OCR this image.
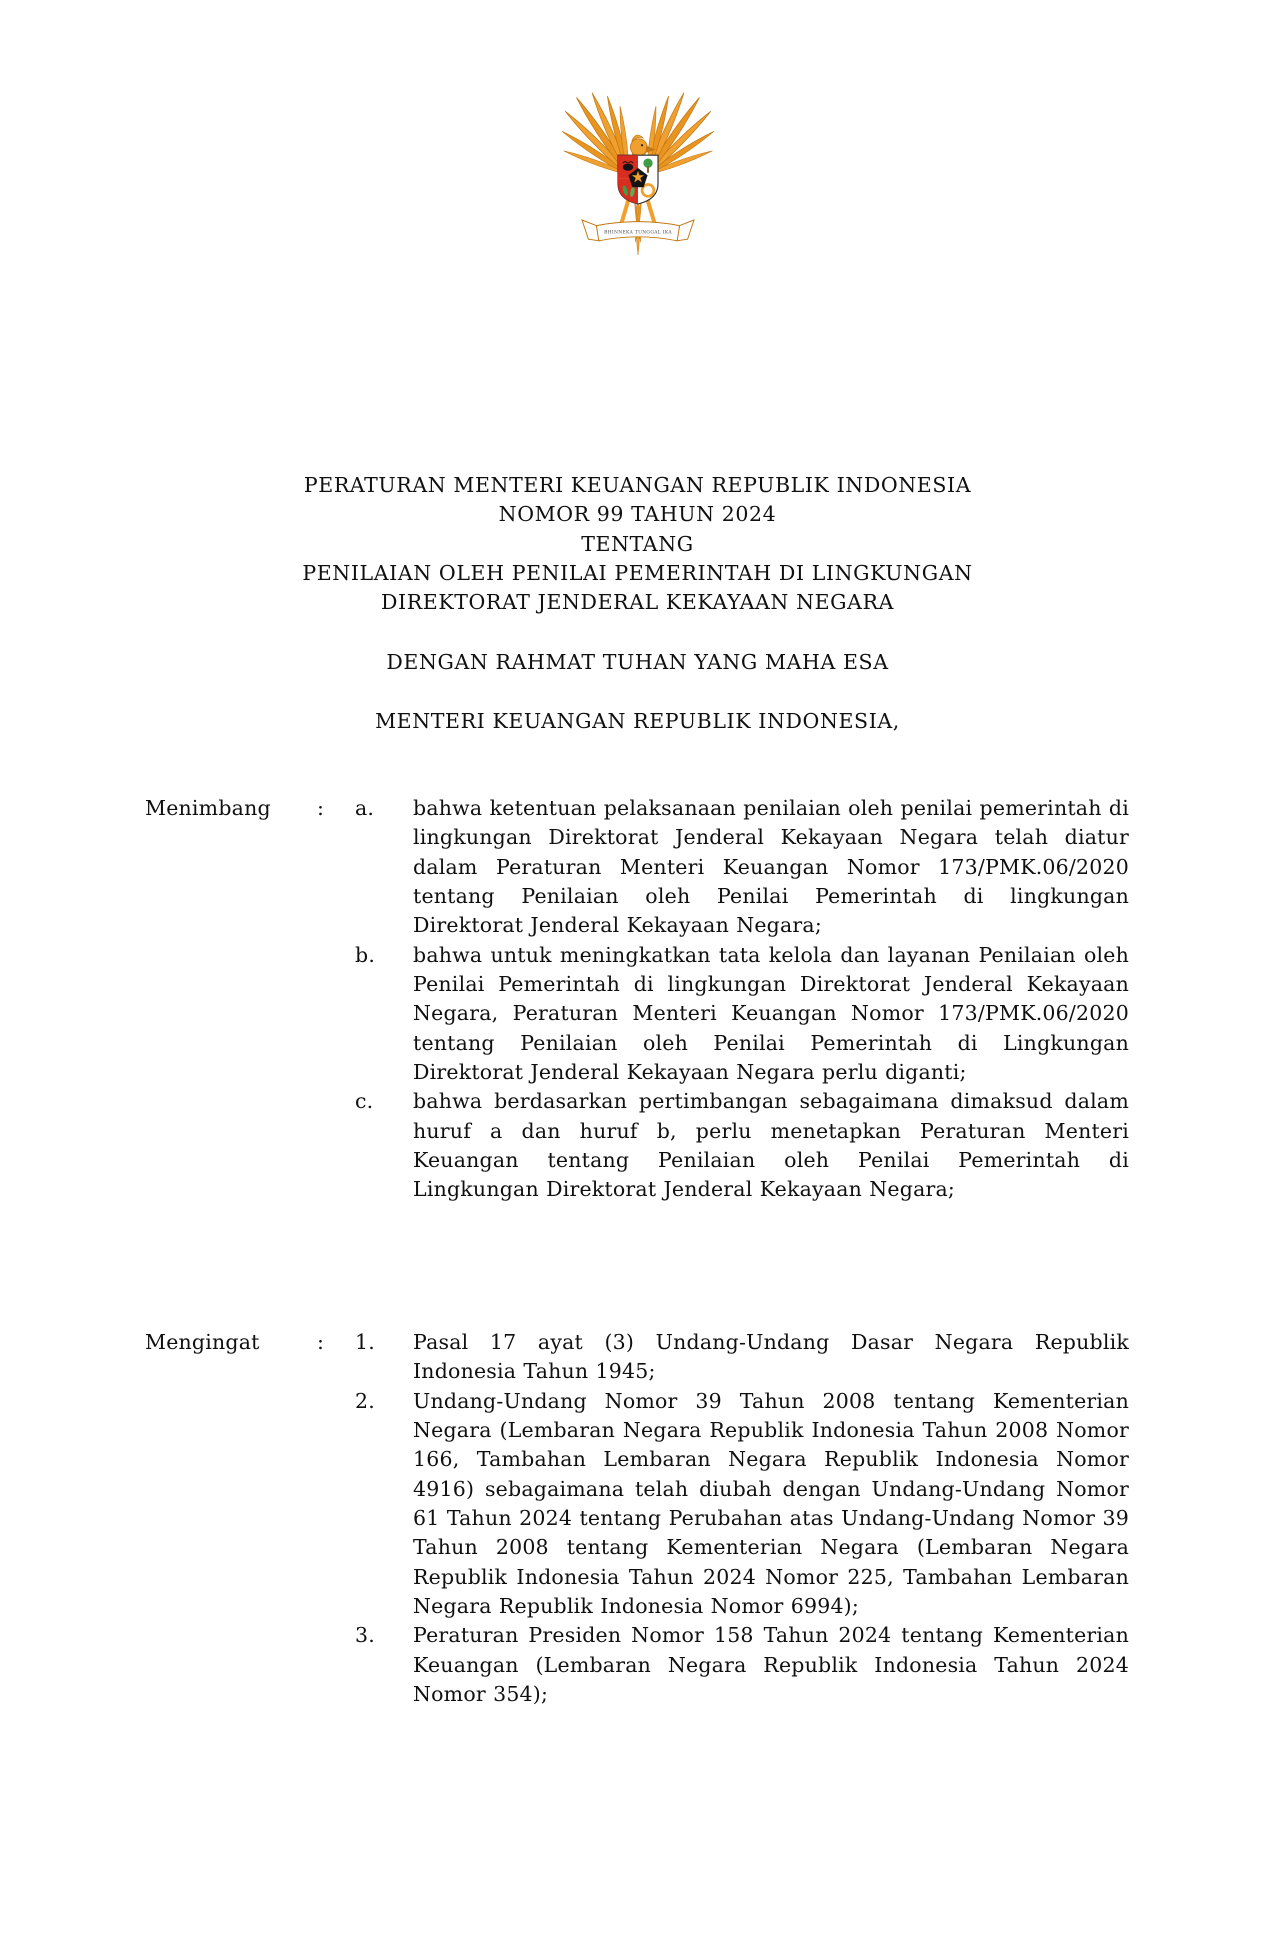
BHINNEKA TUNGGAL IKA
PERATURAN MENTERI KEUANGAN REPUBLIK INDONESIA
NOMOR 99 TAHUN 2024
TENTANG
PENILAIAN OLEH PENILAI PEMERINTAH DI LINGKUNGAN
DIREKTORAT JENDERAL KEKAYAAN NEGARA
DENGAN RAHMAT TUHAN YANG MAHA ESA
MENTERI KEUANGAN REPUBLIK INDONESIA,
Menimbang	:	a.	bahwa ketentuan pelaksanaan penilaian oleh penilai pemerintah di lingkungan Direktorat Jenderal Kekayaan Negara telah diatur dalam Peraturan Menteri Keuangan Nomor 173/PMK.06/2020 tentang Penilaian oleh Penilai Pemerintah di lingkungan Direktorat Jenderal Kekayaan Negara;

b.	bahwa untuk meningkatkan tata kelola dan layanan Penilaian oleh Penilai Pemerintah di lingkungan Direktorat Jenderal Kekayaan Negara, Peraturan Menteri Keuangan Nomor 173/PMK.06/2020 tentang Penilaian oleh Penilai Pemerintah di Lingkungan Direktorat Jenderal Kekayaan Negara perlu diganti;

c.	bahwa berdasarkan pertimbangan sebagaimana dimaksud dalam huruf a dan huruf b, perlu menetapkan Peraturan Menteri Keuangan tentang Penilaian oleh Penilai Pemerintah di Lingkungan Direktorat Jenderal Kekayaan Negara;

Mengingat	:	1.	Pasal 17 ayat (3) Undang-Undang Dasar Negara Republik Indonesia Tahun 1945;

2.	Undang-Undang Nomor 39 Tahun 2008 tentang Kementerian Negara (Lembaran Negara Republik Indonesia Tahun 2008 Nomor 166, Tambahan Lembaran Negara Republik Indonesia Nomor 4916) sebagaimana telah diubah dengan Undang-Undang Nomor 61 Tahun 2024 tentang Perubahan atas Undang-Undang Nomor 39 Tahun 2008 tentang Kementerian Negara (Lembaran Negara Republik Indonesia Tahun 2024 Nomor 225, Tambahan Lembaran Negara Republik Indonesia Nomor 6994);

3.	Peraturan Presiden Nomor 158 Tahun 2024 tentang Kementerian Keuangan (Lembaran Negara Republik Indonesia Tahun 2024 Nomor 354);
